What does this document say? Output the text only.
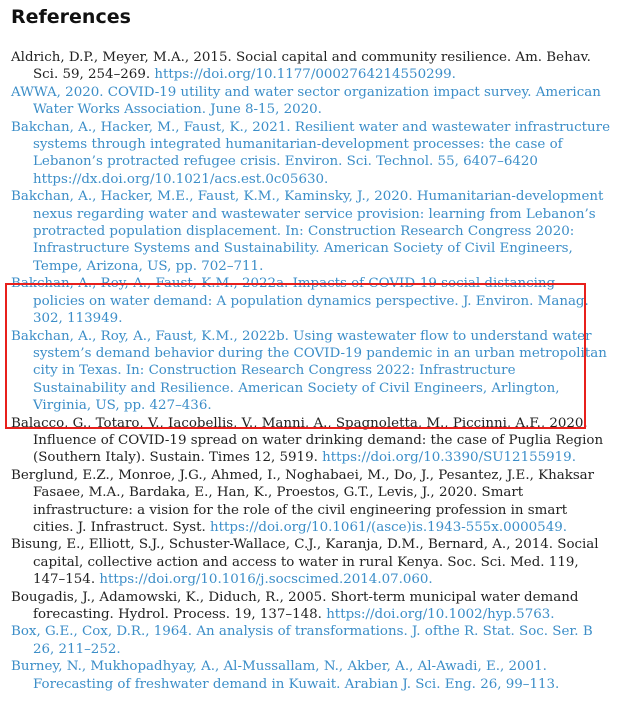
References
Aldrich, D.P., Meyer, M.A., 2015. Social capital and community resilience. Am. Behav. Sci. 59, 254–269. https://doi.org/10.1177/0002764214550299.
AWWA, 2020. COVID-19 utility and water sector organization impact survey. American Water Works Association. June 8-15, 2020.
Bakchan, A., Hacker, M., Faust, K., 2021. Resilient water and wastewater infrastructure systems through integrated humanitarian-development processes: the case of Lebanon’s protracted refugee crisis. Environ. Sci. Technol. 55, 6407–6420 https://dx.doi.org/10.1021/acs.est.0c05630.
Bakchan, A., Hacker, M.E., Faust, K.M., Kaminsky, J., 2020. Humanitarian-development nexus regarding water and wastewater service provision: learning from Lebanon’s protracted population displacement. In: Construction Research Congress 2020: Infrastructure Systems and Sustainability. American Society of Civil Engineers, Tempe, Arizona, US, pp. 702–711.
Bakchan, A., Roy, A., Faust, K.M., 2022a. Impacts of COVID-19 social distancing policies on water demand: A population dynamics perspective. J. Environ. Manag. 302, 113949.
Bakchan, A., Roy, A., Faust, K.M., 2022b. Using wastewater flow to understand water system’s demand behavior during the COVID-19 pandemic in an urban metropolitan city in Texas. In: Construction Research Congress 2022: Infrastructure Sustainability and Resilience. American Society of Civil Engineers, Arlington, Virginia, US, pp. 427–436.
Balacco, G., Totaro, V., Iacobellis, V., Manni, A., Spagnoletta, M., Piccinni, A.F., 2020. Influence of COVID-19 spread on water drinking demand: the case of Puglia Region (Southern Italy). Sustain. Times 12, 5919. https://doi.org/10.3390/SU12155919.
Berglund, E.Z., Monroe, J.G., Ahmed, I., Noghabaei, M., Do, J., Pesantez, J.E., Khaksar Fasaee, M.A., Bardaka, E., Han, K., Proestos, G.T., Levis, J., 2020. Smart infrastructure: a vision for the role of the civil engineering profession in smart cities. J. Infrastruct. Syst. https://doi.org/10.1061/(asce)is.1943-555x.0000549.
Bisung, E., Elliott, S.J., Schuster-Wallace, C.J., Karanja, D.M., Bernard, A., 2014. Social capital, collective action and access to water in rural Kenya. Soc. Sci. Med. 119, 147–154. https://doi.org/10.1016/j.socscimed.2014.07.060.
Bougadis, J., Adamowski, K., Diduch, R., 2005. Short-term municipal water demand forecasting. Hydrol. Process. 19, 137–148. https://doi.org/10.1002/hyp.5763.
Box, G.E., Cox, D.R., 1964. An analysis of transformations. J. ofthe R. Stat. Soc. Ser. B 26, 211–252.
Burney, N., Mukhopadhyay, A., Al-Mussallam, N., Akber, A., Al-Awadi, E., 2001. Forecasting of freshwater demand in Kuwait. Arabian J. Sci. Eng. 26, 99–113.
